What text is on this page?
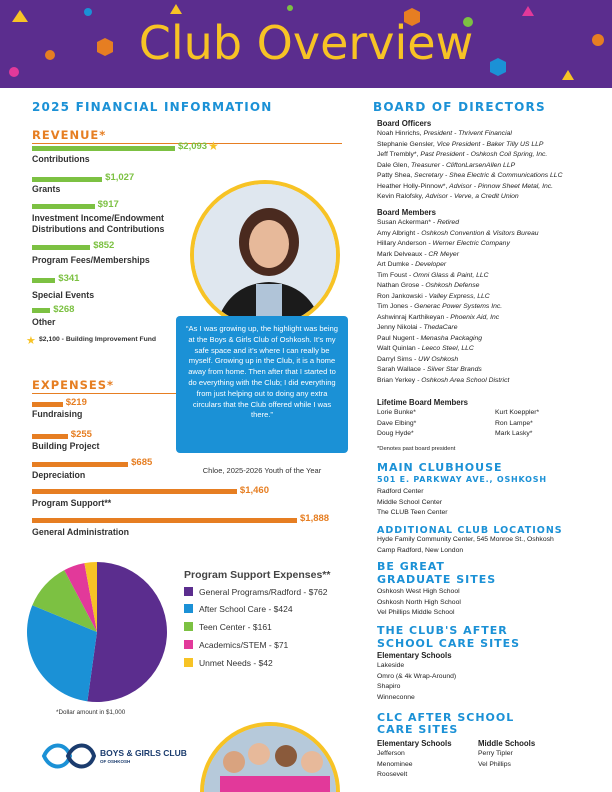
Club Overview
2025 FINANCIAL INFORMATION
REVENUE*
$2,093 ★
Contributions
$1,027
Grants
$917
Investment Income/Endowment
Distributions and Contributions
$852
Program Fees/Memberships
$341
Special Events
$268
Other
★ $2,100 - Building Improvement Fund
EXPENSES*
$219
Fundraising
$255
Building Project
$685
Depreciation
$1,460
Program Support**
$1,888
General Administration
“As I was growing up, the highlight was being at the Boys & Girls Club of Oshkosh. It’s my safe space and it’s where I can really be myself. Growing up in the Club, it is a home away from home. Then after that I started to do everything with the Club; I did everything from just helping out to doing any extra circulars that the Club offered while I was there.”
Chloe, 2025-2026 Youth of the Year
*Dollar amount in $1,000
Program Support Expenses**
General Programs/Radford - $762
After School Care - $424
Teen Center - $161
Academics/STEM - $71
Unmet Needs - $42
BOYS & GIRLS CLUB
OF OSHKOSH
BOARD OF DIRECTORS
Board Officers
Noah Hinrichs, President - Thrivent Financial
Stephanie Gensler, Vice President - Baker Tilly US LLP
Jeff Trembly*, Past President - Oshkosh Coil Spring, Inc.
Dale Glen, Treasurer - CliftonLarsenAllen LLP
Patty Shea, Secretary - Shea Electric & Communications LLC
Heather Holly-Pinnow*, Advisor - Pinnow Sheet Metal, Inc.
Kevin Ralofsky, Advisor - Verve, a Credit Union
Board Members
Susan Ackerman* - Retired
Amy Albright - Oshkosh Convention & Visitors Bureau
Hillary Anderson - Werner Electric Company
Mark Delveaux - CR Meyer
Art Dumke - Developer
Tim Foust - Omni Glass & Paint, LLC
Nathan Grose - Oshkosh Defense
Ron Jankowski - Valley Express, LLC
Tim Jones - Generac Power Systems Inc.
Ashwinraj Karthikeyan - Phoenix Aid, Inc
Jenny Nikolai - ThedaCare
Paul Nugent - Menasha Packaging
Walt Quinlan - Leeco Steel, LLC
Darryl Sims - UW Oshkosh
Sarah Wallace - Silver Star Brands
Brian Yerkey - Oshkosh Area School District
Lifetime Board Members
Lorie Bunke*
Dave Elbing*
Doug Hyde*
Kurt Koeppler*
Ron Lampe*
Mark Lasky*
*Denotes past board president
MAIN CLUBHOUSE
501 E. PARKWAY AVE., OSHKOSH
Radford Center
Middle School Center
The CLUB Teen Center
ADDITIONAL CLUB LOCATIONS
Hyde Family Community Center, 545 Monroe St., Oshkosh
Camp Radford, New London
BE GREAT
GRADUATE SITES
Oshkosh West High School
Oshkosh North High School
Vel Phillips Middle School
THE CLUB'S AFTER
SCHOOL CARE SITES
Elementary Schools
Lakeside
Omro (& 4k Wrap-Around)
Shapiro
Winneconne
CLC AFTER SCHOOL
CARE SITES
Elementary Schools
Jefferson
Menominee
Roosevelt
Middle Schools
Perry Tipler
Vel Phillips
